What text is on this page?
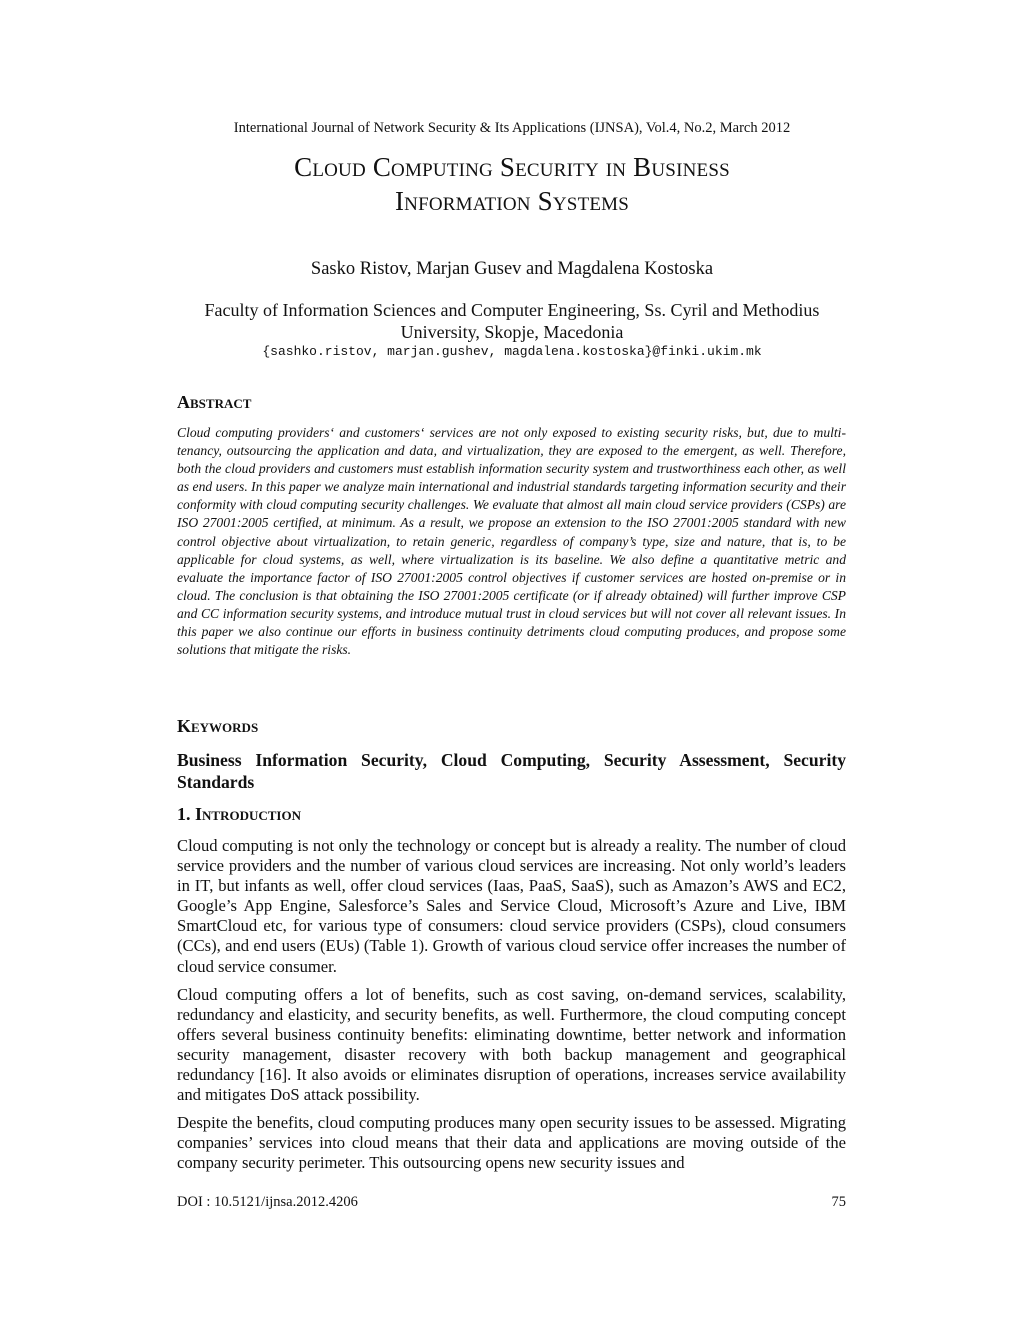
International Journal of Network Security & Its Applications (IJNSA), Vol.4, No.2, March 2012
Cloud Computing Security in Business
Information Systems
Sasko Ristov, Marjan Gusev and Magdalena Kostoska
Faculty of Information Sciences and Computer Engineering, Ss. Cyril and Methodius
University, Skopje, Macedonia
{sashko.ristov, marjan.gushev, magdalena.kostoska}@finki.ukim.mk
Abstract
Cloud computing providers‘ and customers‘ services are not only exposed to existing security risks, but, due to multi-tenancy, outsourcing the application and data, and virtualization, they are exposed to the emergent, as well. Therefore, both the cloud providers and customers must establish information security system and trustworthiness each other, as well as end users. In this paper we analyze main international and industrial standards targeting information security and their conformity with cloud computing security challenges. We evaluate that almost all main cloud service providers (CSPs) are ISO 27001:2005 certified, at minimum. As a result, we propose an extension to the ISO 27001:2005 standard with new control objective about virtualization, to retain generic, regardless of company’s type, size and nature, that is, to be applicable for cloud systems, as well, where virtualization is its baseline. We also define a quantitative metric and evaluate the importance factor of ISO 27001:2005 control objectives if customer services are hosted on-premise or in cloud. The conclusion is that obtaining the ISO 27001:2005 certificate (or if already obtained) will further improve CSP and CC information security systems, and introduce mutual trust in cloud services but will not cover all relevant issues. In this paper we also continue our efforts in business continuity detriments cloud computing produces, and propose some solutions that mitigate the risks.
Keywords
Business Information Security, Cloud Computing, Security Assessment, Security Standards
1. Introduction
Cloud computing is not only the technology or concept but is already a reality. The number of cloud service providers and the number of various cloud services are increasing. Not only world’s leaders in IT, but infants as well, offer cloud services (Iaas, PaaS, SaaS), such as Amazon’s AWS and EC2, Google’s App Engine, Salesforce’s Sales and Service Cloud, Microsoft’s Azure and Live, IBM SmartCloud etc, for various type of consumers: cloud service providers (CSPs), cloud consumers (CCs), and end users (EUs) (Table 1). Growth of various cloud service offer increases the number of cloud service consumer.
Cloud computing offers a lot of benefits, such as cost saving, on-demand services, scalability, redundancy and elasticity, and security benefits, as well. Furthermore, the cloud computing concept offers several business continuity benefits: eliminating downtime, better network and information security management, disaster recovery with both backup management and geographical redundancy [16]. It also avoids or eliminates disruption of operations, increases service availability and mitigates DoS attack possibility.
Despite the benefits, cloud computing produces many open security issues to be assessed. Migrating companies’ services into cloud means that their data and applications are moving outside of the company security perimeter. This outsourcing opens new security issues and
DOI : 10.5121/ijnsa.2012.4206	75
